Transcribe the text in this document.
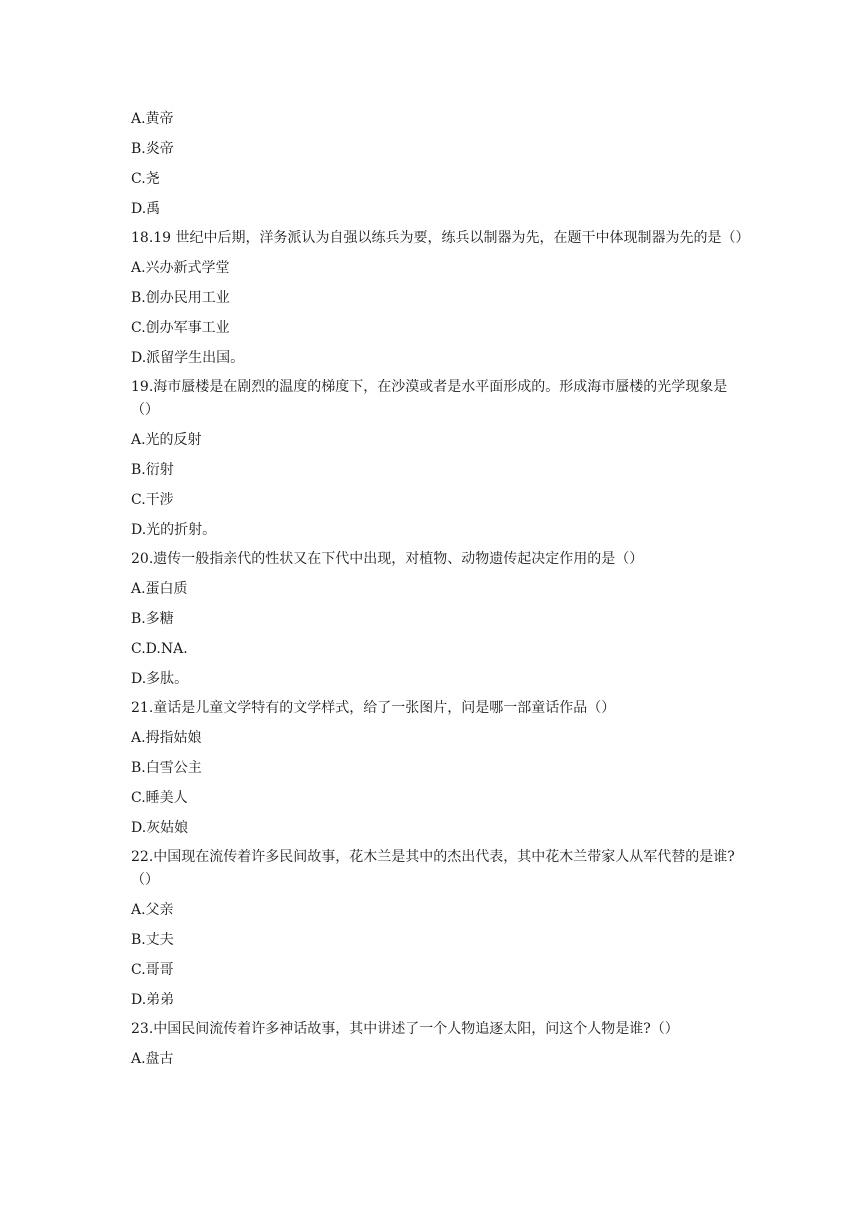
A.黄帝
B.炎帝
C.尧
D.禹
18.19 世纪中后期，洋务派认为自强以练兵为要，练兵以制器为先，在题干中体现制器为先的是（）
A.兴办新式学堂
B.创办民用工业
C.创办军事工业
D.派留学生出国。
19.海市蜃楼是在剧烈的温度的梯度下，在沙漠或者是水平面形成的。形成海市蜃楼的光学现象是（）
A.光的反射
B.衍射
C.干涉
D.光的折射。
20.遗传一般指亲代的性状又在下代中出现，对植物、动物遗传起决定作用的是（）
A.蛋白质
B.多糖
C.D.NA.
D.多肽。
21.童话是儿童文学特有的文学样式，给了一张图片，问是哪一部童话作品（）
A.拇指姑娘
B.白雪公主
C.睡美人
D.灰姑娘
22.中国现在流传着许多民间故事，花木兰是其中的杰出代表，其中花木兰带家人从军代替的是谁?（）
A.父亲
B.丈夫
C.哥哥
D.弟弟
23.中国民间流传着许多神话故事，其中讲述了一个人物追逐太阳，问这个人物是谁?（）
A.盘古
